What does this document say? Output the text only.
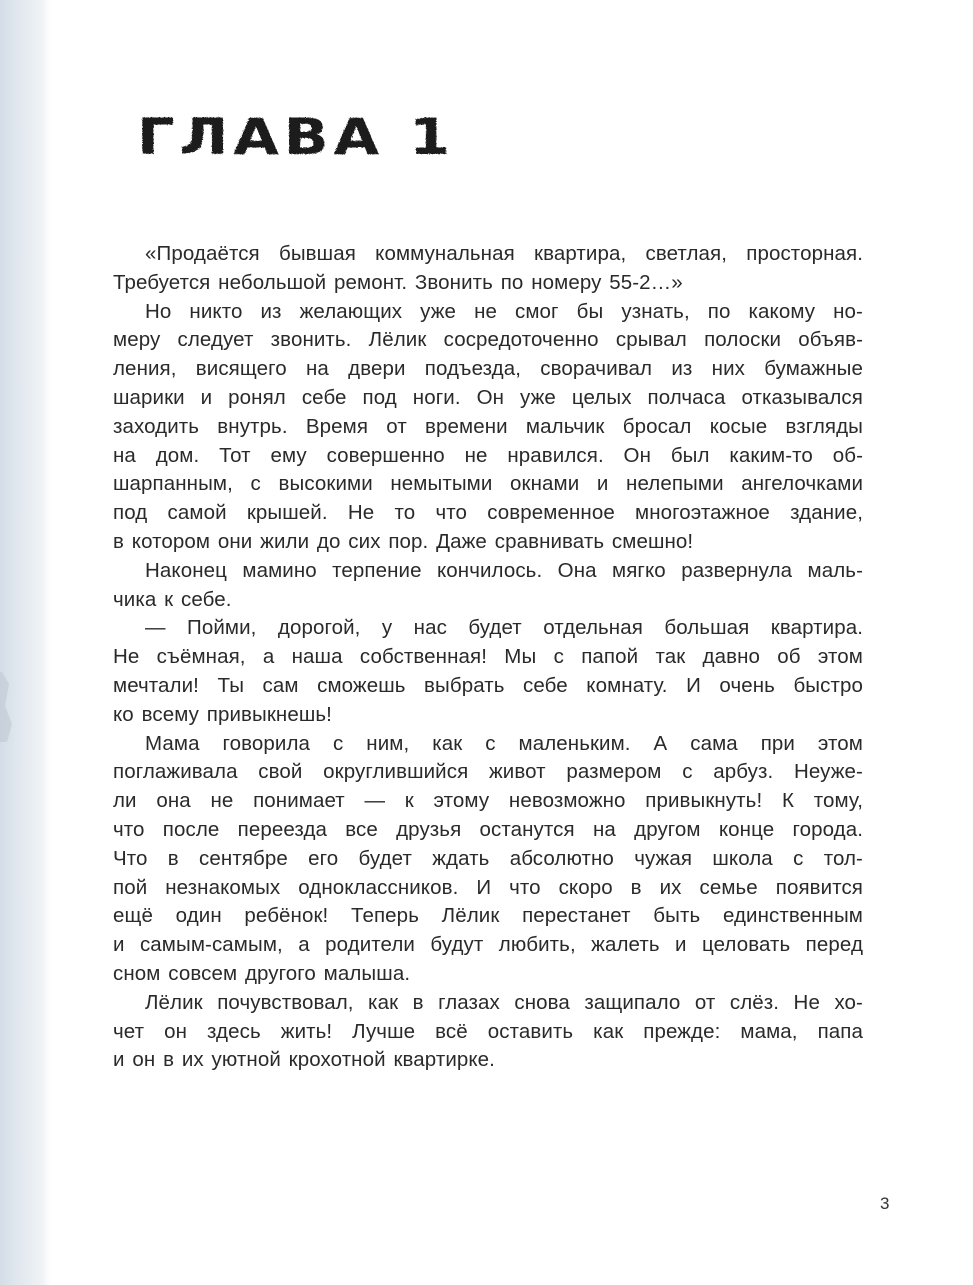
ГЛАВА 1
«Продаётся бывшая коммунальная квартира, светлая, просторная.
Требуется небольшой ремонт. Звонить по номеру 55-2…»
Но никто из желающих уже не смог бы узнать, по какому но-
меру следует звонить. Лёлик сосредоточенно срывал полоски объяв-
ления, висящего на двери подъезда, сворачивал из них бумажные
шарики и ронял себе под ноги. Он уже целых полчаса отказывался
заходить внутрь. Время от времени мальчик бросал косые взгляды
на дом. Тот ему совершенно не нравился. Он был каким-то об-
шарпанным, с высокими немытыми окнами и нелепыми ангелочками
под самой крышей. Не то что современное многоэтажное здание,
в котором они жили до сих пор. Даже сравнивать смешно!
Наконец мамино терпение кончилось. Она мягко развернула маль-
чика к себе.
— Пойми, дорогой, у нас будет отдельная большая квартира.
Не съёмная, а наша собственная! Мы с папой так давно об этом
мечтали! Ты сам сможешь выбрать себе комнату. И очень быстро
ко всему привыкнешь!
Мама говорила с ним, как с маленьким. А сама при этом
поглаживала свой округлившийся живот размером с арбуз. Неуже-
ли она не понимает — к этому невозможно привыкнуть! К тому,
что после переезда все друзья останутся на другом конце города.
Что в сентябре его будет ждать абсолютно чужая школа с тол-
пой незнакомых одноклассников. И что скоро в их семье появится
ещё один ребёнок! Теперь Лёлик перестанет быть единственным
и самым-самым, а родители будут любить, жалеть и целовать перед
сном совсем другого малыша.
Лёлик почувствовал, как в глазах снова защипало от слёз. Не хо-
чет он здесь жить! Лучше всё оставить как прежде: мама, папа
и он в их уютной крохотной квартирке.
3
